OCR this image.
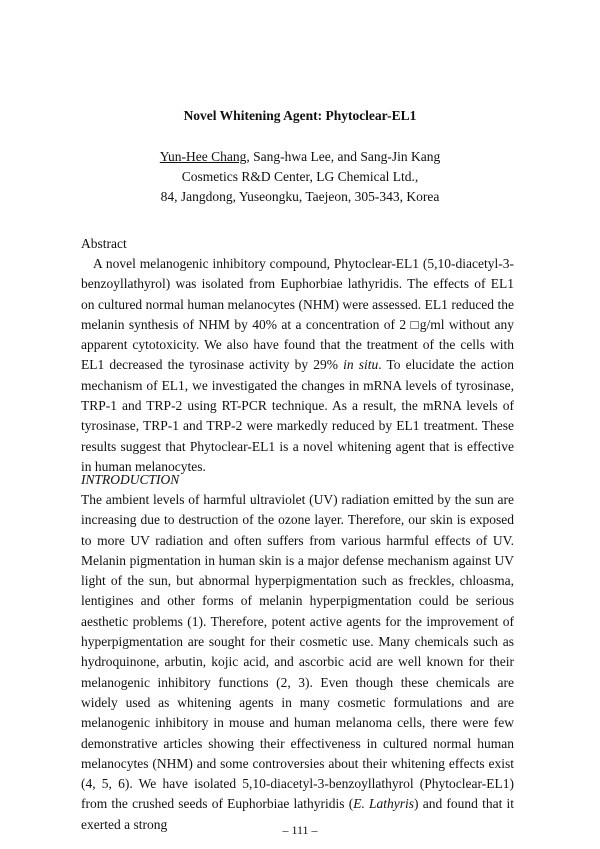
Novel Whitening Agent: Phytoclear-EL1
Yun-Hee Chang, Sang-hwa Lee, and Sang-Jin Kang
Cosmetics R&D Center, LG Chemical Ltd.,
84, Jangdong, Yuseongku, Taejeon, 305-343, Korea
Abstract
A novel melanogenic inhibitory compound, Phytoclear-EL1 (5,10-diacetyl-3-benzoyllathyrol) was isolated from Euphorbiae lathyridis. The effects of EL1 on cultured normal human melanocytes (NHM) were assessed. EL1 reduced the melanin synthesis of NHM by 40% at a concentration of 2 □g/ml without any apparent cytotoxicity. We also have found that the treatment of the cells with EL1 decreased the tyrosinase activity by 29% in situ. To elucidate the action mechanism of EL1, we investigated the changes in mRNA levels of tyrosinase, TRP-1 and TRP-2 using RT-PCR technique. As a result, the mRNA levels of tyrosinase, TRP-1 and TRP-2 were markedly reduced by EL1 treatment. These results suggest that Phytoclear-EL1 is a novel whitening agent that is effective in human melanocytes.
INTRODUCTION
The ambient levels of harmful ultraviolet (UV) radiation emitted by the sun are increasing due to destruction of the ozone layer. Therefore, our skin is exposed to more UV radiation and often suffers from various harmful effects of UV. Melanin pigmentation in human skin is a major defense mechanism against UV light of the sun, but abnormal hyperpigmentation such as freckles, chloasma, lentigines and other forms of melanin hyperpigmentation could be serious aesthetic problems (1). Therefore, potent active agents for the improvement of hyperpigmentation are sought for their cosmetic use. Many chemicals such as hydroquinone, arbutin, kojic acid, and ascorbic acid are well known for their melanogenic inhibitory functions (2, 3). Even though these chemicals are widely used as whitening agents in many cosmetic formulations and are melanogenic inhibitory in mouse and human melanoma cells, there were few demonstrative articles showing their effectiveness in cultured normal human melanocytes (NHM) and some controversies about their whitening effects exist (4, 5, 6). We have isolated 5,10-diacetyl-3-benzoyllathyrol (Phytoclear-EL1) from the crushed seeds of Euphorbiae lathyridis (E. Lathyris) and found that it exerted a strong	– 111 –
